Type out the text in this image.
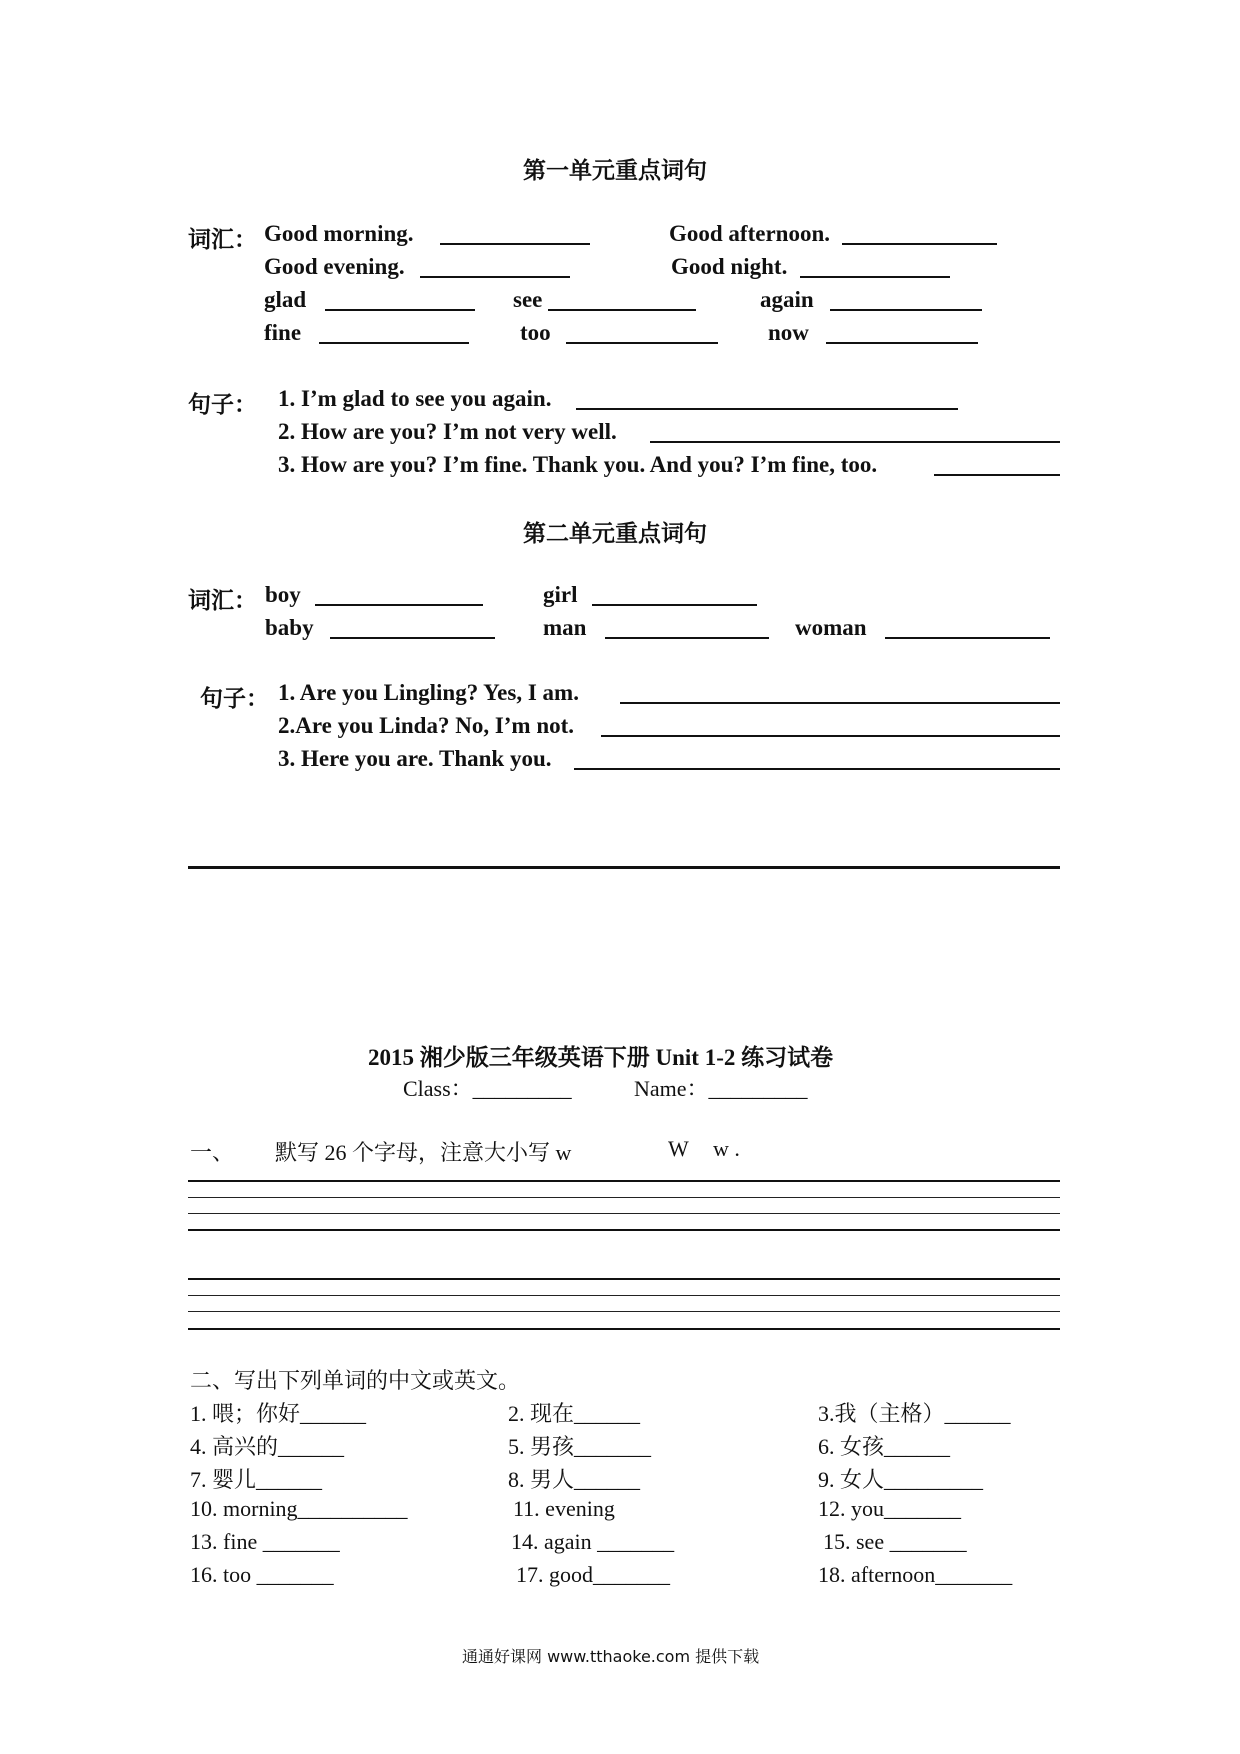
第一单元重点词句
词汇： Good morning.	Good afternoon.
Good evening.	Good night.
glad	see	again
fine	too	now
句子： 1. I’m glad to see you again.
2. How are you? I’m not very well.
3. How are you? I’m fine. Thank you. And you? I’m fine, too.
第二单元重点词句
词汇： boy	girl
baby	man	woman
句子： 1. Are you Lingling? Yes, I am.
2.Are you Linda? No, I’m not.
3. Here you are. Thank you.
2015 湘少版三年级英语下册 Unit 1-2 练习试卷
Class：_________	Name：_________
一、 默写 26 个字母，注意大小写 w	W w .
二、写出下列单词的中文或英文。
1. 喂；你好______	2. 现在______	3.我（主格）______
4. 高兴的______	5. 男孩_______	6. 女孩______
7. 婴儿______	8. 男人______	9. 女人_________
10. morning__________	11. evening	12. you_______
13. fine _______	14. again _______	15. see _______
16. too _______	17. good_______	18. afternoon_______
通通好课网 www.tthaoke.com 提供下载
